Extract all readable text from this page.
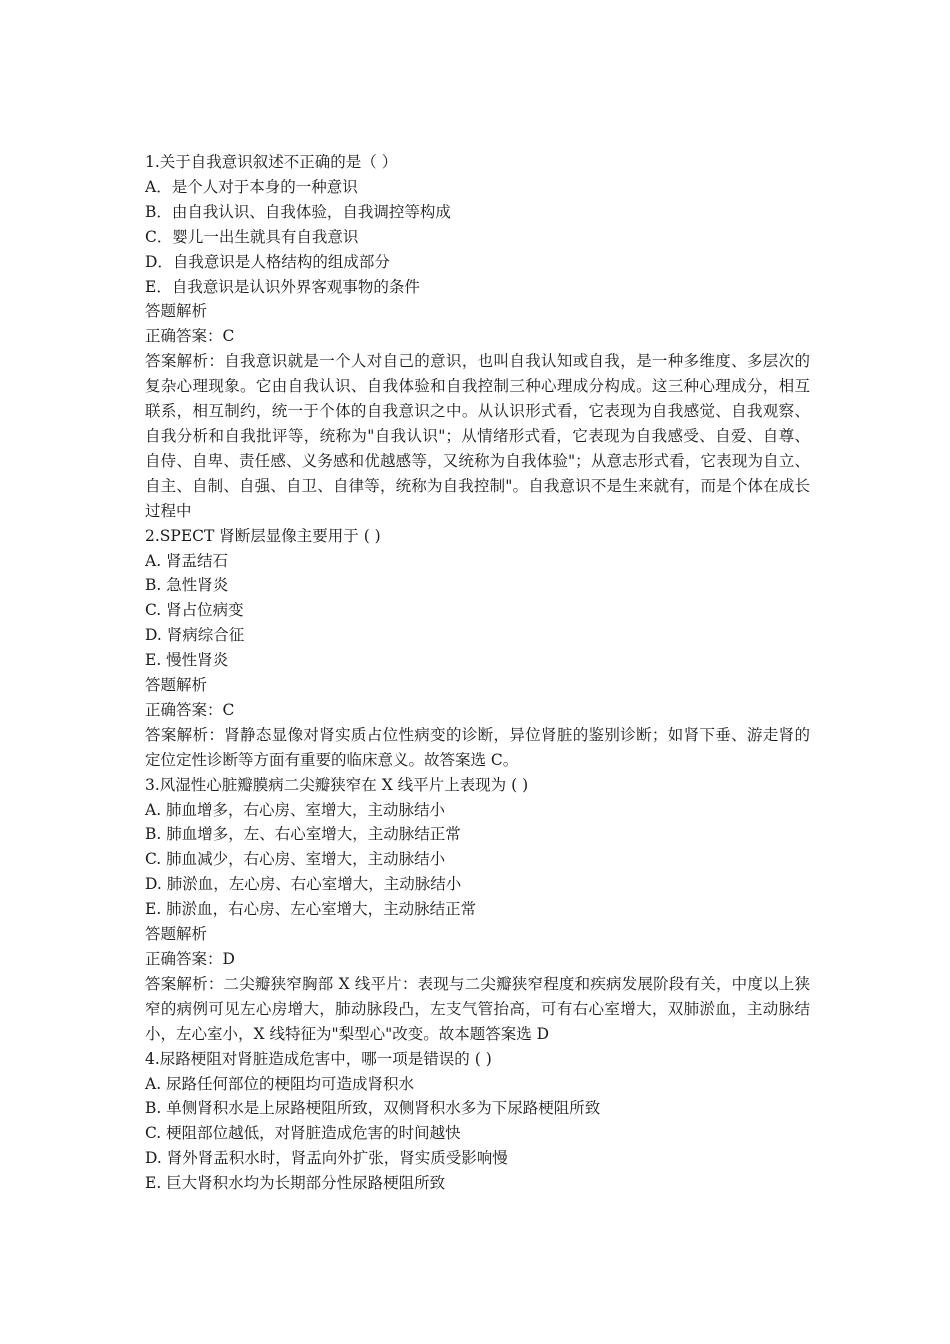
1.关于自我意识叙述不正确的是（ ）

A．是个人对于本身的一种意识

B．由自我认识、自我体验，自我调控等构成

C．婴儿一出生就具有自我意识

D．自我意识是人格结构的组成部分

E．自我意识是认识外界客观事物的条件

答题解析

正确答案：C

答案解析：自我意识就是一个人对自己的意识，也叫自我认知或自我，是一种多维度、多层次的复杂心理现象。它由自我认识、自我体验和自我控制三种心理成分构成。这三种心理成分，相互联系，相互制约，统一于个体的自我意识之中。从认识形式看，它表现为自我感觉、自我观察、自我分析和自我批评等，统称为"自我认识"；从情绪形式看，它表现为自我感受、自爱、自尊、自侍、自卑、责任感、义务感和优越感等，又统称为自我体验"；从意志形式看，它表现为自立、自主、自制、自强、自卫、自律等，统称为自我控制"。自我意识不是生来就有，而是个体在成长过程中

2.SPECT 肾断层显像主要用于 ( )

A. 肾盂结石

B. 急性肾炎

C. 肾占位病变

D. 肾病综合征

E. 慢性肾炎

答题解析

正确答案：C

答案解析：肾静态显像对肾实质占位性病变的诊断，异位肾脏的鉴别诊断；如肾下垂、游走肾的定位定性诊断等方面有重要的临床意义。故答案选 C。

3.风湿性心脏瓣膜病二尖瓣狭窄在 X 线平片上表现为 ( )

A. 肺血增多，右心房、室增大，主动脉结小

B. 肺血增多，左、右心室增大，主动脉结正常

C. 肺血减少，右心房、室增大，主动脉结小

D. 肺淤血，左心房、右心室增大，主动脉结小

E. 肺淤血，右心房、左心室增大，主动脉结正常

答题解析

正确答案：D

答案解析：二尖瓣狭窄胸部 X 线平片：表现与二尖瓣狭窄程度和疾病发展阶段有关，中度以上狭窄的病例可见左心房增大，肺动脉段凸，左支气管抬高，可有右心室增大，双肺淤血，主动脉结小，左心室小，X 线特征为"梨型心"改变。故本题答案选 D

4.尿路梗阻对肾脏造成危害中，哪一项是错误的 ( )

A. 尿路任何部位的梗阻均可造成肾积水

B. 单侧肾积水是上尿路梗阻所致，双侧肾积水多为下尿路梗阻所致

C. 梗阻部位越低，对肾脏造成危害的时间越快

D. 肾外肾盂积水时，肾盂向外扩张，肾实质受影响慢

E. 巨大肾积水均为长期部分性尿路梗阻所致
